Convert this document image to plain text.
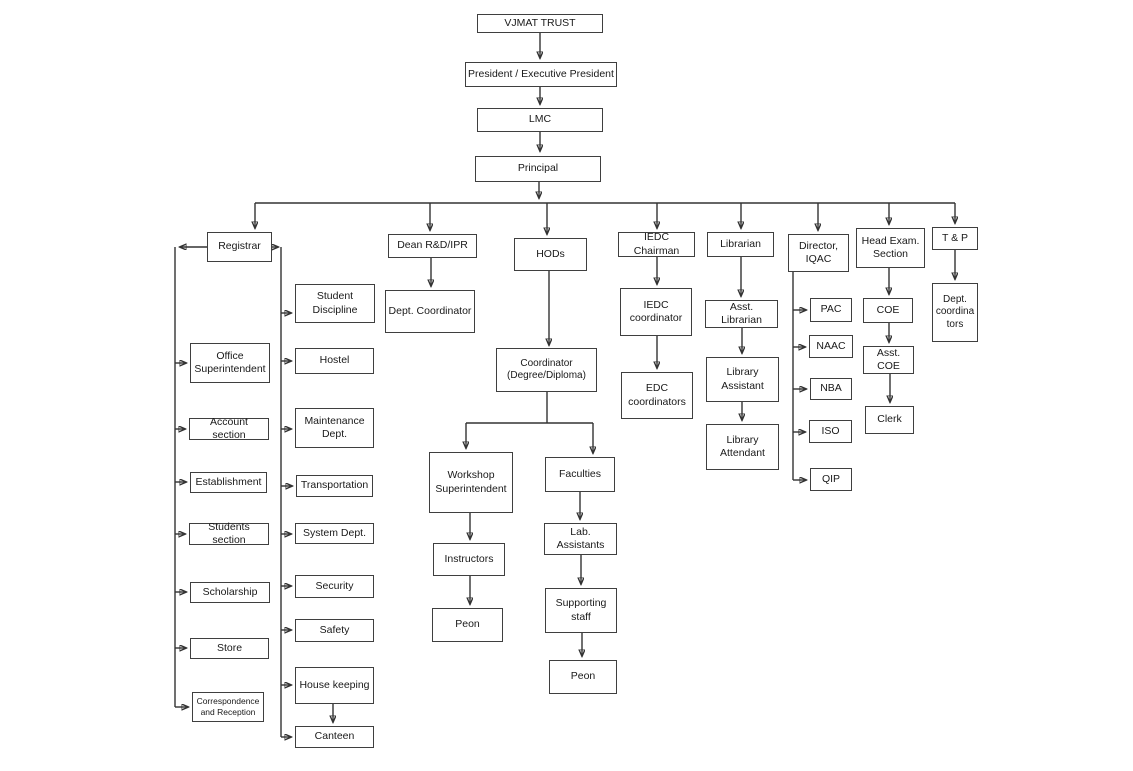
VJMAT TRUST
President / Executive President
LMC
Principal
Registrar	Dean R&D/IPR
HODs
IEDC Chairman
Librarian	Director, IQAC
Head Exam. Section
T & P
Office Superintendent
Account section
Establishment
Students section
Scholarship
Store
Correspondence and Reception
Student Discipline
Hostel
Maintenance Dept.
Transportation
System Dept.
Security
Safety
House keeping
Canteen
Dept. Coordinator
Coordinator (Degree/Diploma)
Workshop Superintendent
Instructors
Peon
Faculties
Lab. Assistants
Supporting staff
Peon
IEDC coordinator
EDC coordinators
Asst. Librarian
Library Assistant
Library Attendant
PAC
NAAC
NBA
ISO
QIP
COE
Asst. COE
Clerk
Dept. coordinators
